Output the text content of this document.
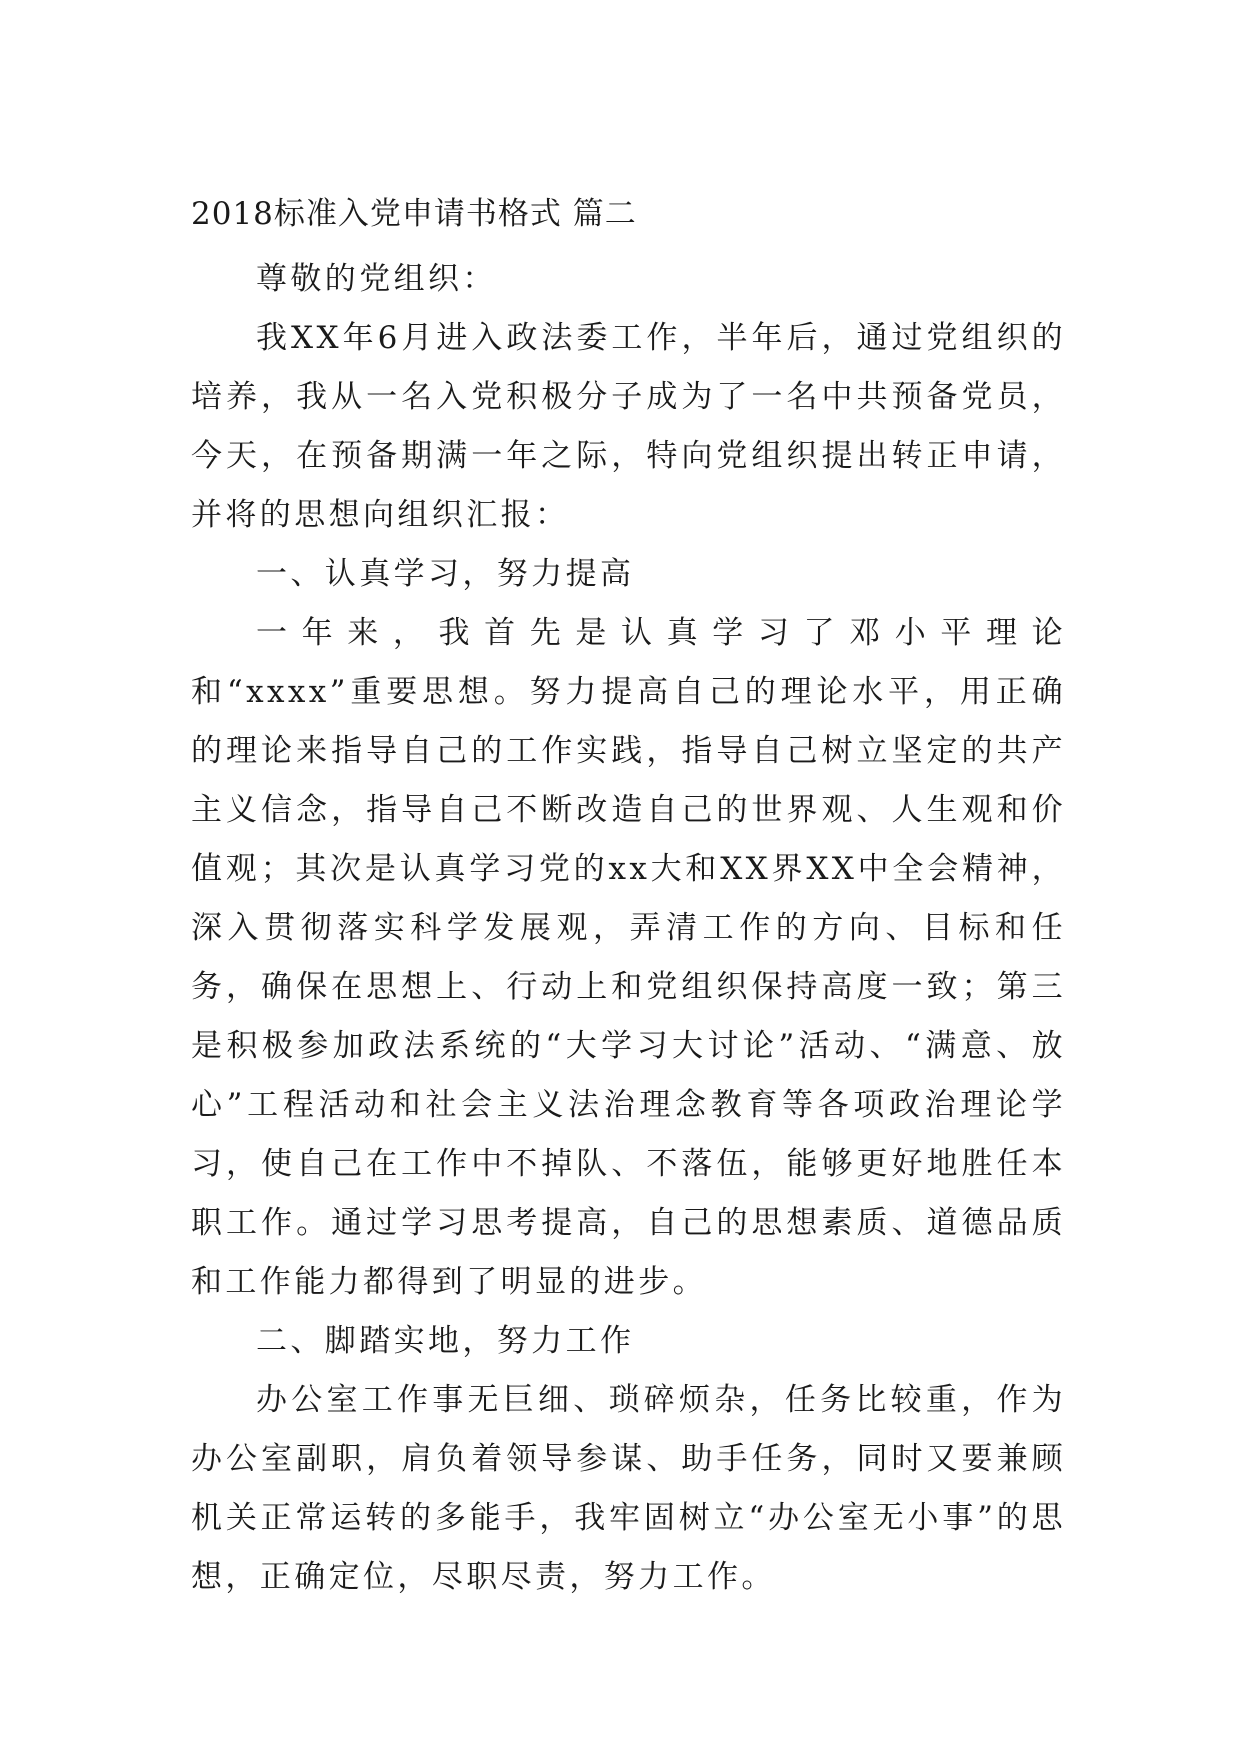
2018标准入党申请书格式 篇二

尊敬的党组织：

我XX年6月进入政法委工作，半年后，通过党组织的培养，我从一名入党积极分子成为了一名中共预备党员，今天，在预备期满一年之际，特向党组织提出转正申请，并将的思想向组织汇报：

一、认真学习，努力提高

一年来，我首先是认真学习了邓小平理论和“xxxx”重要思想。努力提高自己的理论水平，用正确的理论来指导自己的工作实践，指导自己树立坚定的共产主义信念，指导自己不断改造自己的世界观、人生观和价值观；其次是认真学习党的xx大和XX界XX中全会精神，深入贯彻落实科学发展观，弄清工作的方向、目标和任务，确保在思想上、行动上和党组织保持高度一致；第三是积极参加政法系统的“大学习大讨论”活动、“满意、放心”工程活动和社会主义法治理念教育等各项政治理论学习，使自己在工作中不掉队、不落伍，能够更好地胜任本职工作。通过学习思考提高，自己的思想素质、道德品质和工作能力都得到了明显的进步。

二、脚踏实地，努力工作

办公室工作事无巨细、琐碎烦杂，任务比较重，作为办公室副职，肩负着领导参谋、助手任务，同时又要兼顾机关正常运转的多能手，我牢固树立“办公室无小事”的思想，正确定位，尽职尽责，努力工作。
